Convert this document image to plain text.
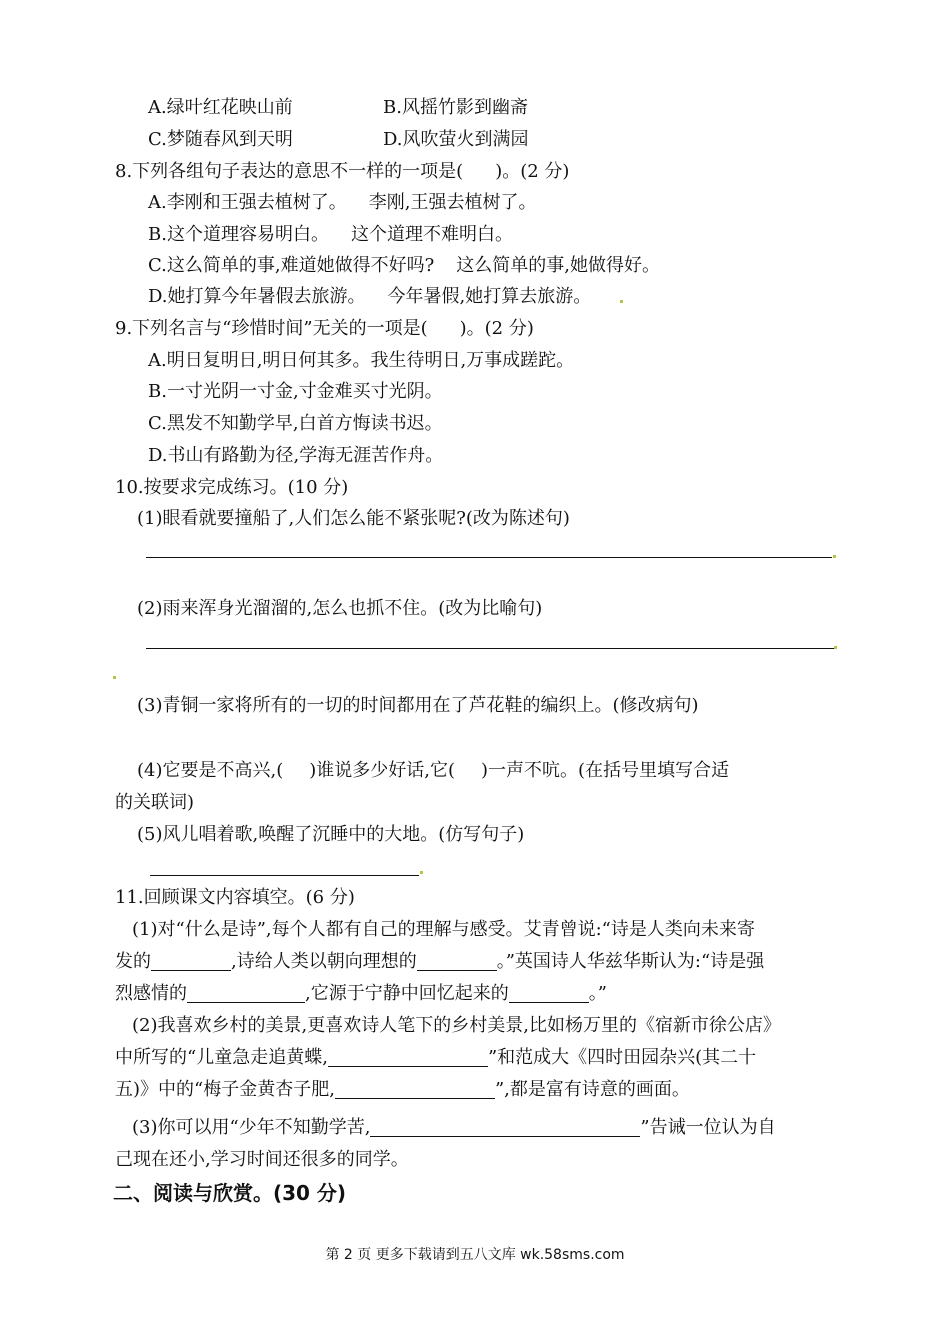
A.绿叶红花映山前	B.风摇竹影到幽斋
C.梦随春风到天明	D.风吹萤火到满园
8.下列各组句子表达的意思不一样的一项是( )。(2 分)
A.李刚和王强去植树了。 李刚,王强去植树了。
B.这个道理容易明白。 这个道理不难明白。
C.这么简单的事,难道她做得不好吗? 这么简单的事,她做得好。
D.她打算今年暑假去旅游。 今年暑假,她打算去旅游。
9.下列名言与“珍惜时间”无关的一项是( )。(2 分)
A.明日复明日,明日何其多。我生待明日,万事成蹉跎。
B.一寸光阴一寸金,寸金难买寸光阴。
C.黑发不知勤学早,白首方悔读书迟。
D.书山有路勤为径,学海无涯苦作舟。
10.按要求完成练习。(10 分)
(1)眼看就要撞船了,人们怎么能不紧张呢?(改为陈述句)
(2)雨来浑身光溜溜的,怎么也抓不住。(改为比喻句)
(3)青铜一家将所有的一切的时间都用在了芦花鞋的编织上。(修改病句)
(4)它要是不高兴,( )谁说多少好话,它( )一声不吭。(在括号里填写合适
的关联词)
(5)风儿唱着歌,唤醒了沉睡中的大地。(仿写句子)
11.回顾课文内容填空。(6 分)
(1)对“什么是诗”,每个人都有自己的理解与感受。艾青曾说:“诗是人类向未来寄
发的	,诗给人类以朝向理想的	。”英国诗人华兹华斯认为:“诗是强
烈感情的	,它源于宁静中回忆起来的	。”
(2)我喜欢乡村的美景,更喜欢诗人笔下的乡村美景,比如杨万里的《宿新市徐公店》
中所写的“儿童急走追黄蝶,	”和范成大《四时田园杂兴(其二十
五)》中的“梅子金黄杏子肥,	”,都是富有诗意的画面。
(3)你可以用“少年不知勤学苦,	”告诫一位认为自
己现在还小,学习时间还很多的同学。
二、阅读与欣赏。(30 分)
第 2 页 更多下载请到五八文库 wk.58sms.com
